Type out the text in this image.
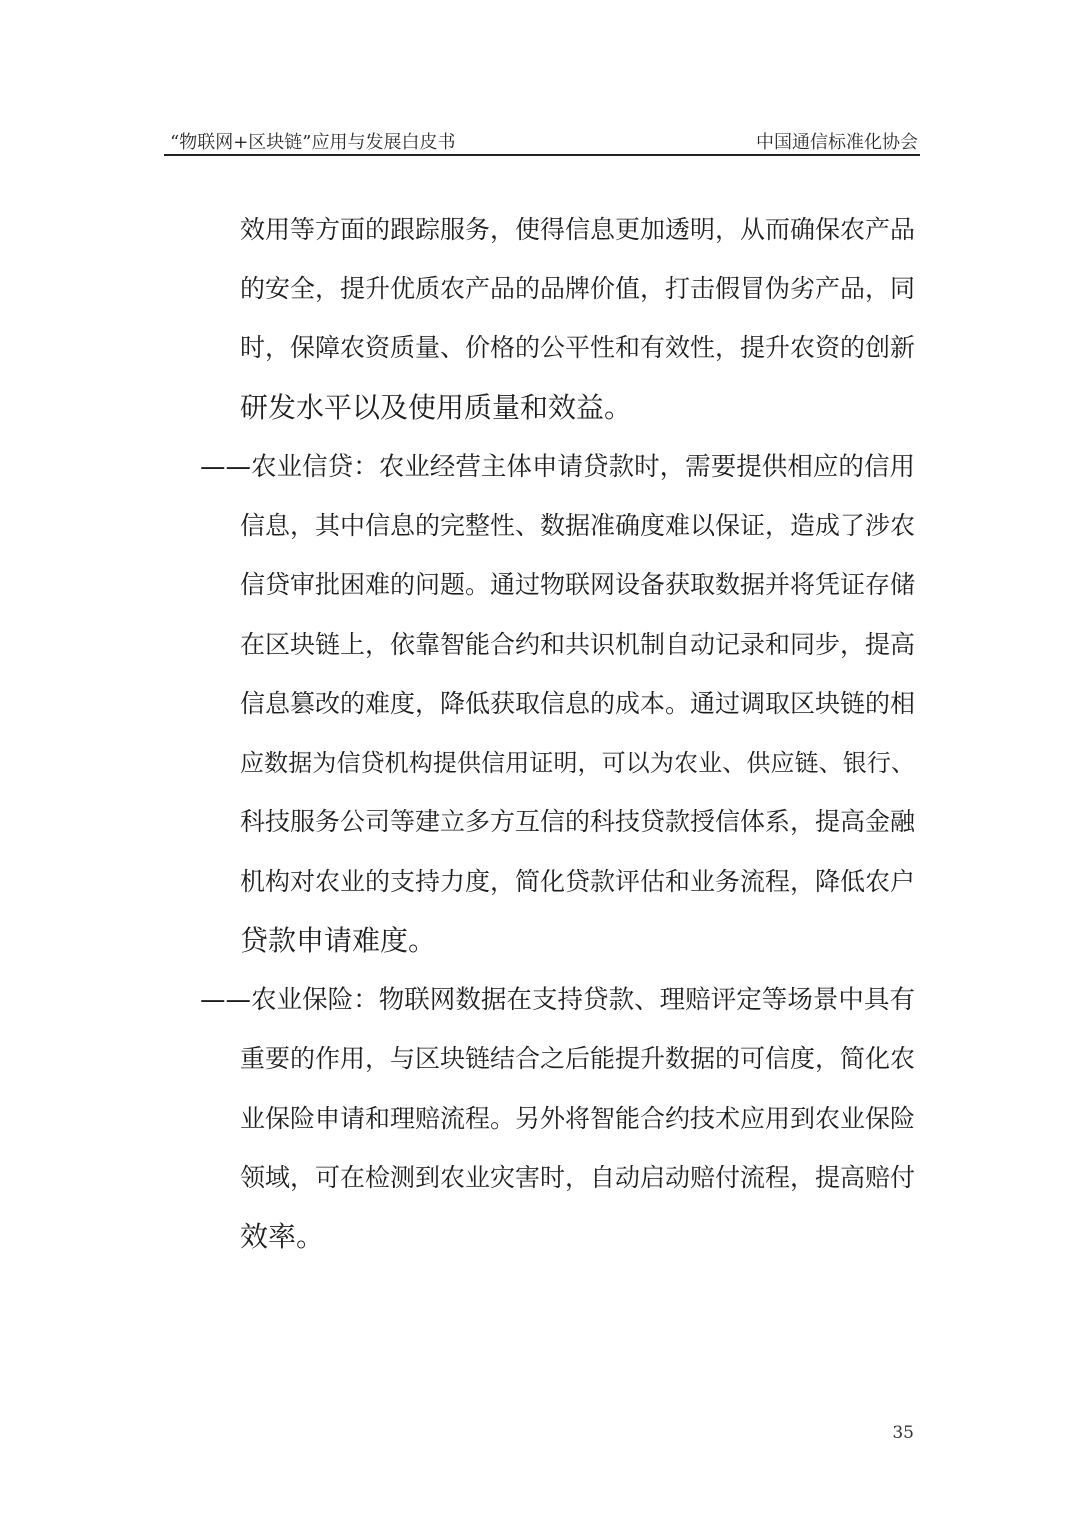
“物联网+区块链”应用与发展白皮书	中国通信标准化协会
效用等方面的跟踪服务，使得信息更加透明，从而确保农产品
的安全，提升优质农产品的品牌价值，打击假冒伪劣产品，同
时，保障农资质量、价格的公平性和有效性，提升农资的创新
研发水平以及使用质量和效益。
——农业信贷：农业经营主体申请贷款时，需要提供相应的信用
信息，其中信息的完整性、数据准确度难以保证，造成了涉农
信贷审批困难的问题。通过物联网设备获取数据并将凭证存储
在区块链上，依靠智能合约和共识机制自动记录和同步，提高
信息篡改的难度，降低获取信息的成本。通过调取区块链的相
应数据为信贷机构提供信用证明，可以为农业、供应链、银行、
科技服务公司等建立多方互信的科技贷款授信体系，提高金融
机构对农业的支持力度，简化贷款评估和业务流程，降低农户
贷款申请难度。
——农业保险：物联网数据在支持贷款、理赔评定等场景中具有
重要的作用，与区块链结合之后能提升数据的可信度，简化农
业保险申请和理赔流程。另外将智能合约技术应用到农业保险
领域，可在检测到农业灾害时，自动启动赔付流程，提高赔付
效率。
35
